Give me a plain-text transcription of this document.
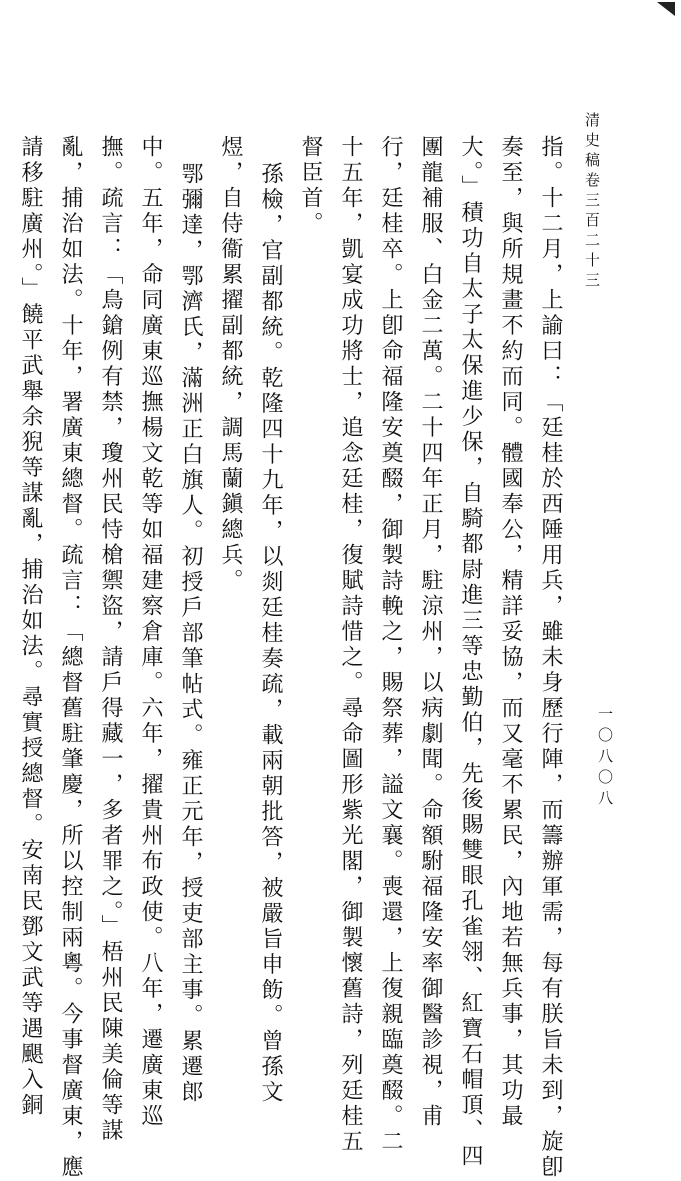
清史稿卷三百二十三
一〇八〇八

指。十二月，上諭曰：「廷桂於西陲用兵，雖未身歷行陣，而籌辦軍需，每有朕旨未到，旋卽

奏至，與所規畫不約而同。體國奉公，精詳妥協，而又毫不累民，內地若無兵事，其功最

大。」積功自太子太保進少保，自騎都尉進三等忠勤伯，先後賜雙眼孔雀翎、紅寶石帽頂、四

團龍補服、白金二萬。二十四年正月，駐涼州，以病劇聞。命額駙福隆安率御醫診視，甫

行，廷桂卒。上卽命福隆安奠醊，御製詩輓之，賜祭葬，謚文襄。喪還，上復親臨奠醊。二

十五年，凱宴成功將士，追念廷桂，復賦詩惜之。尋命圖形紫光閣，御製懷舊詩，列廷桂五

督臣首。

孫檢，官副都統。乾隆四十九年，以剡廷桂奏疏，載兩朝批答，被嚴旨申飭。曾孫文

煜，自侍衞累擢副都統，調馬蘭鎭總兵。

鄂彌達，鄂濟氏，滿洲正白旗人。初授戶部筆帖式。雍正元年，授吏部主事。累遷郎

中。五年，命同廣東巡撫楊文乾等如福建察倉庫。六年，擢貴州布政使。八年，遷廣東巡

撫。疏言：「鳥鎗例有禁，瓊州民恃槍禦盜，請戶得藏一，多者罪之。」梧州民陳美倫等謀

亂，捕治如法。十年，署廣東總督。疏言：「總督舊駐肇慶，所以控制兩粵。今事督廣東，應

請移駐廣州。」饒平武舉余猊等謀亂，捕治如法。尋實授總督。安南民鄧文武等遇颶入銅
